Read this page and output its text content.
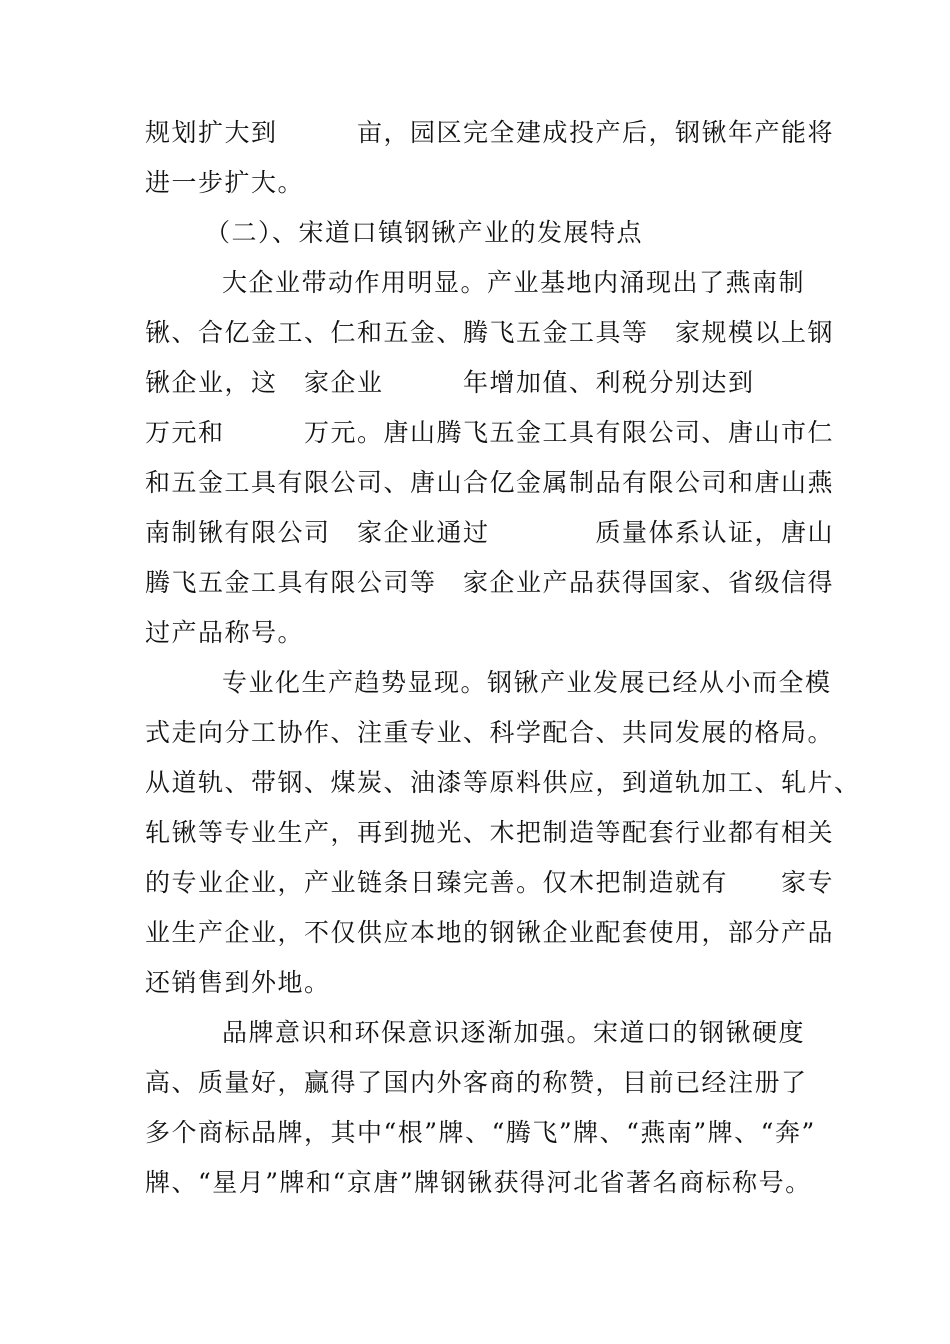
规划扩大到　　　亩，园区完全建成投产后，钢锹年产能将
进一步扩大。
（二）、宋道口镇钢锹产业的发展特点
大企业带动作用明显。产业基地内涌现出了燕南制
锹、合亿金工、仁和五金、腾飞五金工具等　家规模以上钢
锹企业，这　家企业　　　年增加值、利税分别达到
万元和　　　万元。唐山腾飞五金工具有限公司、唐山市仁
和五金工具有限公司、唐山合亿金属制品有限公司和唐山燕
南制锹有限公司　家企业通过　　　　质量体系认证，唐山
腾飞五金工具有限公司等　家企业产品获得国家、省级信得
过产品称号。
专业化生产趋势显现。钢锹产业发展已经从小而全模
式走向分工协作、注重专业、科学配合、共同发展的格局。
从道轨、带钢、煤炭、油漆等原料供应，到道轨加工、轧片、
轧锹等专业生产，再到抛光、木把制造等配套行业都有相关
的专业企业，产业链条日臻完善。仅木把制造就有　　家专
业生产企业，不仅供应本地的钢锹企业配套使用，部分产品
还销售到外地。
品牌意识和环保意识逐渐加强。宋道口的钢锹硬度
高、质量好，赢得了国内外客商的称赞，目前已经注册了
多个商标品牌，其中“根”牌、“腾飞”牌、“燕南”牌、“奔”
牌、“星月”牌和“京唐”牌钢锹获得河北省著名商标称号。
